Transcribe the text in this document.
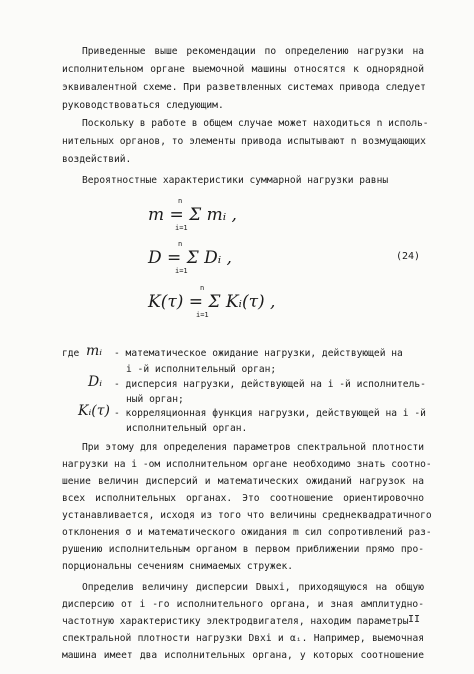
Приведенные выше рекомендации по определению нагрузки на
исполнительном органе выемочной машины относятся к однорядной
эквивалентной схеме. При разветвленных системах привода следует
руководствоваться следующим.
Поскольку в работе в общем случае может находиться n исполь-
нительных органов, то элементы привода испытывают n возмущающих
воздействий.
Вероятностные характеристики суммарной нагрузки равны
m = Σ mᵢ ,
n
i=1
D = Σ Dᵢ ,
n
i=1
(24)
K(τ) = Σ Kᵢ(τ) ,
n
i=1
где mᵢ - математическое ожидание нагрузки, действующей на
i -й исполнительный орган;
Dᵢ - дисперсия нагрузки, действующей на i -й исполнитель-
ный орган;
Kᵢ(τ) - корреляционная функция нагрузки, действующей на i -й
исполнительный орган.
При этому для определения параметров спектральной плотности
нагрузки на i -ом исполнительном органе необходимо знать соотно-
шение величин дисперсий и математических ожиданий нагрузок на
всех исполнительных органах. Это соотношение ориентировочно
устанавливается, исходя из того что величины среднеквадратичного
отклонения σ и математического ожидания m сил сопротивлений раз-
рушению исполнительным органом в первом приближении прямо про-
порциональны сечениям снимаемых стружек.
Определив величину дисперсии Dвыхi, приходящуюся на общую
дисперсию от i -го исполнительного органа, и зная амплитудно-
частотную характеристику электродвигателя, находим параметры
спектральной плотности нагрузки Dвхi и αᵢ. Например, выемочная
машина имеет два исполнительных органа, у которых соотношение
II
